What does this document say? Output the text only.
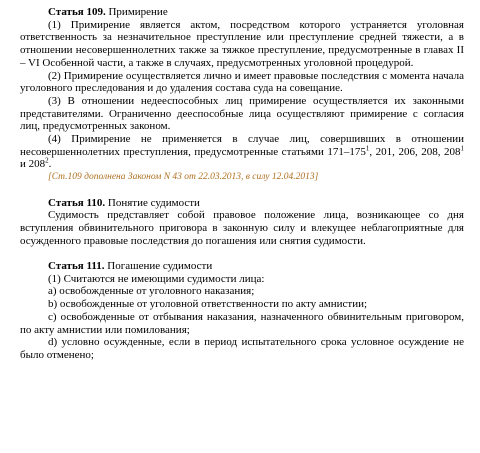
Статья 109. Примирение

(1) Примирение является актом, посредством которого устраняется уголовная ответственность за незначительное преступление или преступление средней тяжести, а в отношении несовершеннолетних также за тяжкое преступление, предусмотренные в главах II – VI Особенной части, а также в случаях, предусмотренных уголовной процедурой.

(2) Примирение осуществляется лично и имеет правовые последствия с момента начала уголовного преследования и до удаления состава суда на совещание.

(3) В отношении недееспособных лиц примирение осуществляется их законными представителями. Ограниченно дееспособные лица осуществляют примирение с согласия лиц, предусмотренных законом.

(4) Примирение не применяется в случае лиц, совершивших в отношении несовершеннолетних преступления, предусмотренные статьями $171-175^1$, 201, 206, 208, $208^1$ и $208^2$.

[Ст.109 дополнена Законом N 43 от 22.03.2013, в силу 12.04.2013]

Статья 110. Понятие судимости

Судимость представляет собой правовое положение лица, возникающее со дня вступления обвинительного приговора в законную силу и влекущее неблагоприятные для осужденного правовые последствия до погашения или снятия судимости.

Статья 111. Погашение судимости

(1) Считаются не имеющими судимости лица:

a) освобожденные от уголовного наказания;

b) освобожденные от уголовной ответственности по акту амнистии;

c) освобожденные от отбывания наказания, назначенного обвинительным приговором, по акту амнистии или помилования;

d) условно осужденные, если в период испытательного срока условное осуждение не было отменено;
